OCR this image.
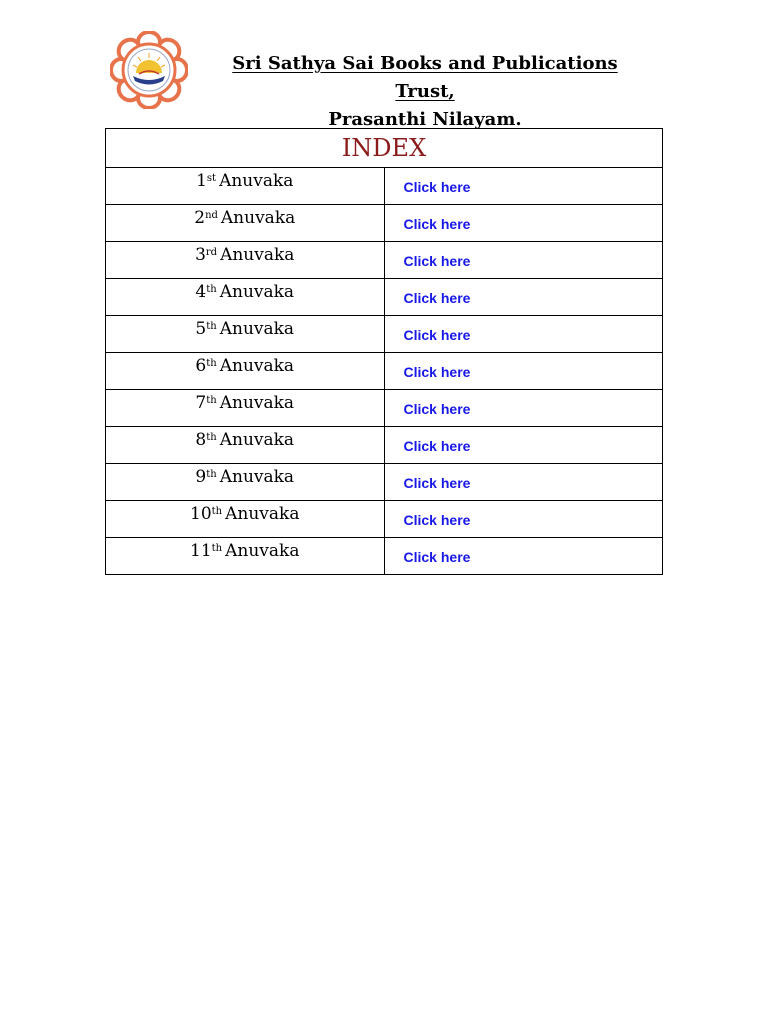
Sri Sathya Sai Books and Publications Trust,
Prasanthi Nilayam.
INDEX	
1st Anuvaka	Click here
2nd Anuvaka	Click here
3rd Anuvaka	Click here
4th Anuvaka	Click here
5th Anuvaka	Click here
6th Anuvaka	Click here
7th Anuvaka	Click here
8th Anuvaka	Click here
9th Anuvaka	Click here
10th Anuvaka	Click here
11th Anuvaka	Click here
